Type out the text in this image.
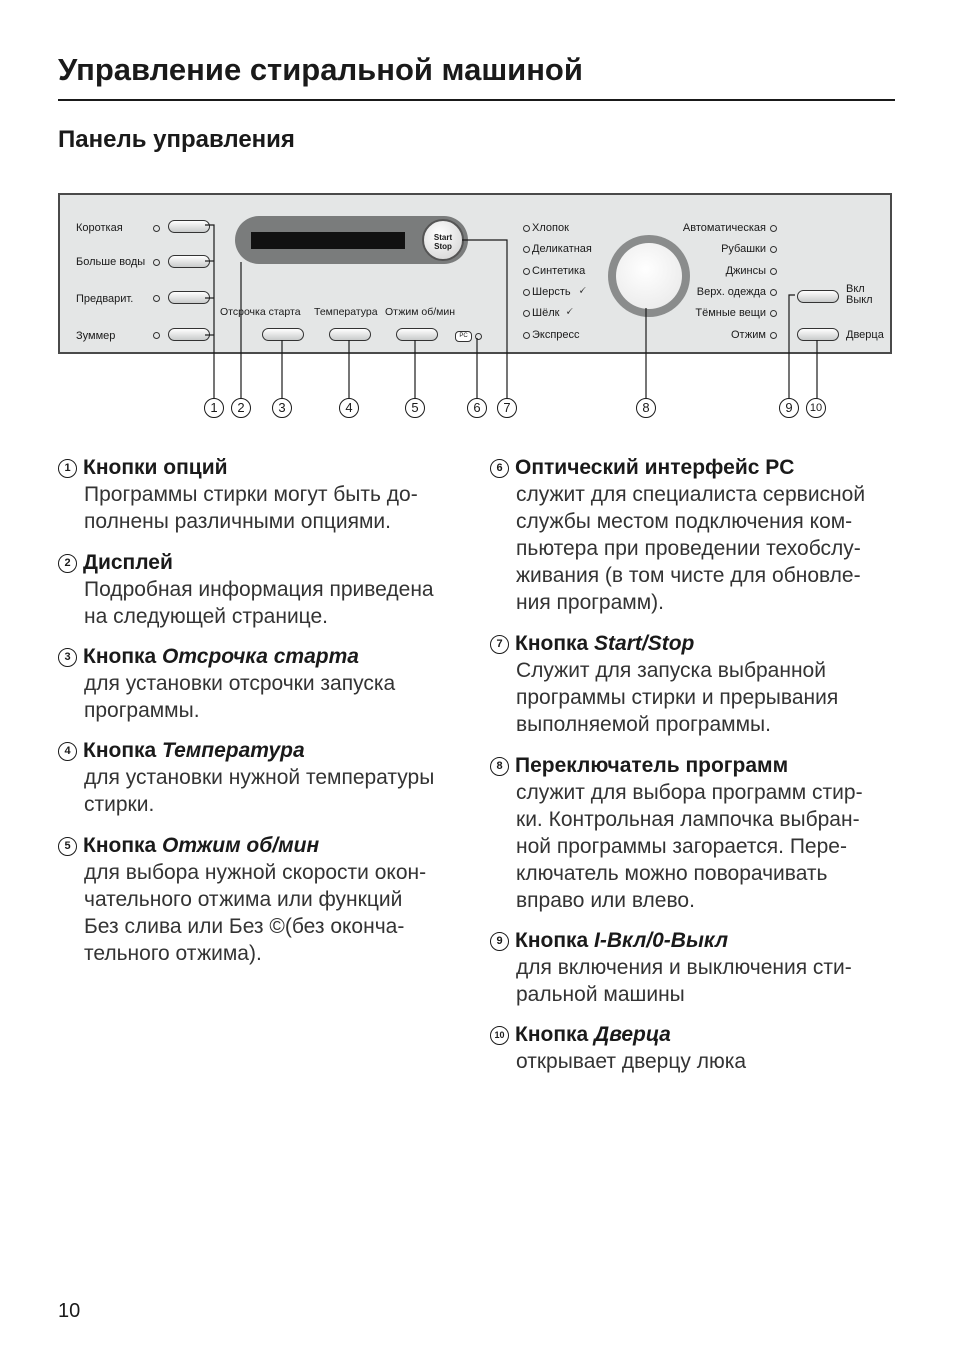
Управление стиральной машиной
Панель управления
Короткая
Больше воды
Предварит.
Зуммер
Start
Stop
Отсрочка старта Температура Отжим об/мин
PC
Хлопок
Деликатная
Синтетика
Шерсть 🗸
Шёлк 🗸
Экспресс
Автоматическая
Рубашки
Джинсы
Верх. одежда
Тёмные вещи
Отжим
Вкл
Выкл
Дверца
1	2	3	4	5	6	7	8	9	10
1 Кнопки опций
Программы стирки могут быть до-
полнены различными опциями.
2 Дисплей
Подробная информация приведена
на следующей странице.
3 Кнопка Отсрочка старта
для установки отсрочки запуска
программы.
4 Кнопка Температура
для установки нужной температуры
стирки.
5 Кнопка Отжим об/мин
для выбора нужной скорости окон-
чательного отжима или функций
Без слива или Без ©(без оконча-
тельного отжима).
6 Оптический интерфейс PC
служит для специалиста сервисной
службы местом подключения ком-
пьютера при проведении техобслу-
живания (в том чисте для обновле-
ния программ).
7 Кнопка Start/Stop
Служит для запуска выбранной
программы стирки и прерывания
выполняемой программы.
8 Переключатель программ
служит для выбора программ стир-
ки. Контрольная лампочка выбран-
ной программы загорается. Пере-
ключатель можно поворачивать
вправо или влево.
9 Кнопка I-Вкл/0-Выкл
для включения и выключения сти-
ральной машины
10 Кнопка Дверца
открывает дверцу люка
10
